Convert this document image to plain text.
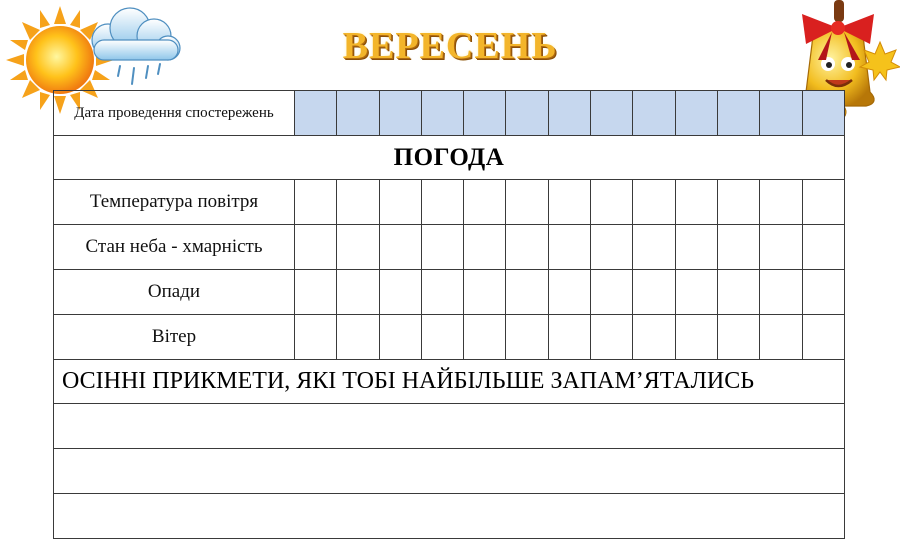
ВЕРЕСЕНЬ
Дата проведення спостережень													
ПОГОДА													
Температура повітря													
Стан неба - хмарність													
Опади													
Вітер													
ОСІННІ ПРИКМЕТИ, ЯКІ ТОБІ НАЙБІЛЬШЕ ЗАПАМ’ЯТАЛИСЬ													
